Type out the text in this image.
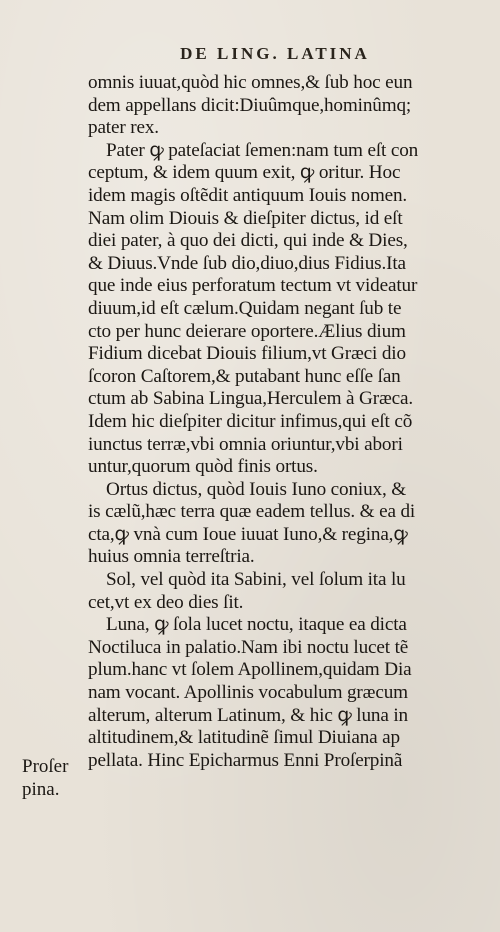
DE LING. LATINA
omnis iuuat,quòd hic omnes,& ſub hoc eun
dem appellans dicit:Diuûmque,hominûmq;
pater rex.
Pater ꝙ pateſaciat ſemen:nam tum eſt con
ceptum, & idem quum exit, ꝙ oritur. Hoc
idem magis oſtẽdit antiquum Iouis nomen.
Nam olim Diouis & dieſpiter dictus, id eſt
diei pater, à quo dei dicti, qui inde & Dies,
& Diuus.Vnde ſub dio,diuo,dius Fidius.Ita
que inde eius perforatum tectum vt videatur
diuum,id eſt cælum.Quidam negant ſub te
cto per hunc deierare oportere.Ælius dium
Fidium dicebat Diouis filium,vt Græci dio
ſcoron Caſtorem,& putabant hunc eſſe ſan
ctum ab Sabina Lingua,Herculem à Græca.
Idem hic dieſpiter dicitur infimus,qui eſt cõ
iunctus terræ,vbi omnia oriuntur,vbi abori
untur,quorum quòd finis ortus.
Ortus dictus, quòd Iouis Iuno coniux, &
is cælũ,hæc terra quæ eadem tellus. & ea di
cta,ꝙ vnà cum Ioue iuuat Iuno,& regina,ꝙ
huius omnia terreſtria.
Sol, vel quòd ita Sabini, vel ſolum ita lu
cet,vt ex deo dies ſit.
Luna, ꝙ ſola lucet noctu, itaque ea dicta
Noctiluca in palatio.Nam ibi noctu lucet tẽ
plum.hanc vt ſolem Apollinem,quidam Dia
nam vocant. Apollinis vocabulum græcum
alterum, alterum Latinum, & hic ꝙ luna in
altitudinem,& latitudinẽ ſimul Diuiana ap
pellata. Hinc Epicharmus Enni Proſerpinã
Proſer
pina.
